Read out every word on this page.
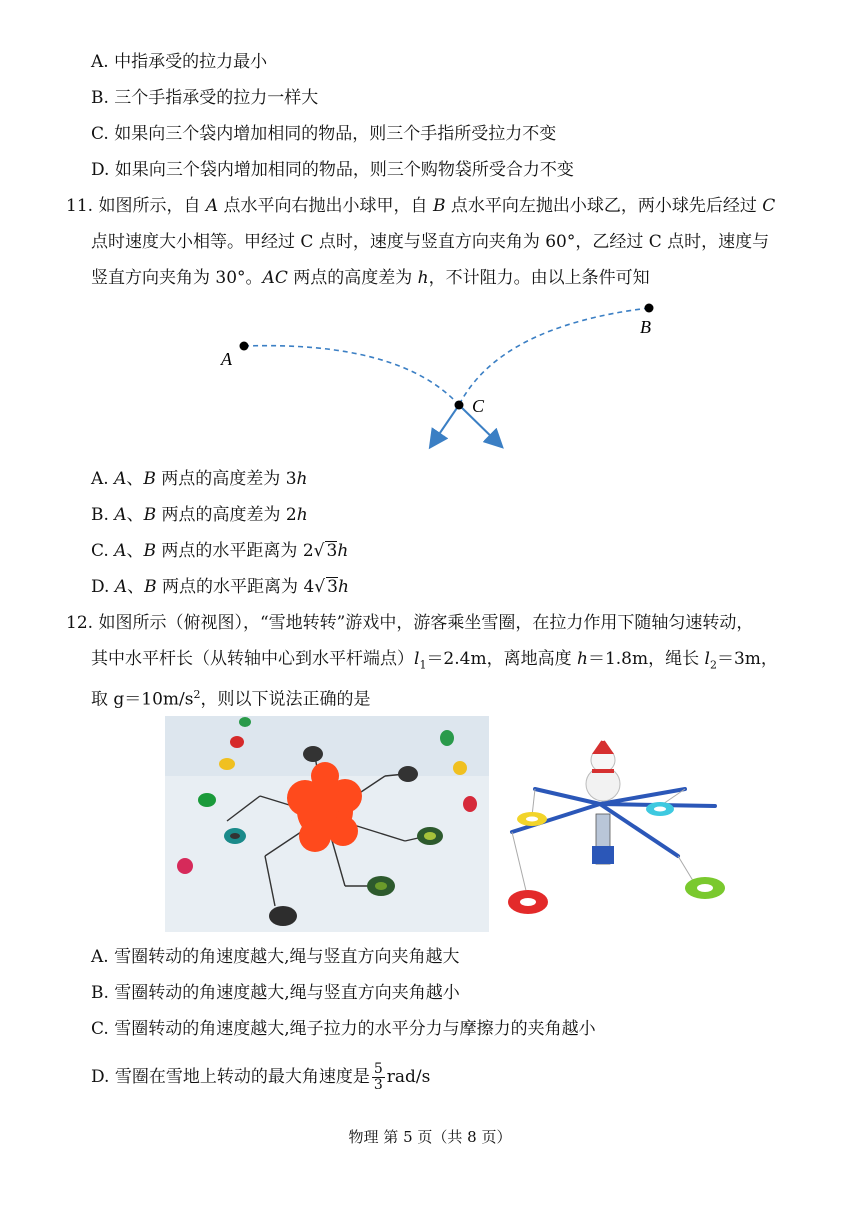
A. 中指承受的拉力最小
B. 三个手指承受的拉力一样大
C. 如果向三个袋内增加相同的物品，则三个手指所受拉力不变
D. 如果向三个袋内增加相同的物品，则三个购物袋所受合力不变
11. 如图所示，自 A 点水平向右抛出小球甲，自 B 点水平向左抛出小球乙，两小球先后经过 C
点时速度大小相等。甲经过 C 点时，速度与竖直方向夹角为 60°，乙经过 C 点时，速度与
竖直方向夹角为 30°。AC 两点的高度差为 h，不计阻力。由以上条件可知
A
B
C
A. A、B 两点的高度差为 3h
B. A、B 两点的高度差为 2h
C. A、B 两点的水平距离为 2√ 3h
D. A、B 两点的水平距离为 4√ 3h
12. 如图所示（俯视图），“雪地转转”游戏中，游客乘坐雪圈，在拉力作用下随轴匀速转动，
其中水平杆长（从转轴中心到水平杆端点）$l_1=2.4m$，离地高度 h＝1.8m，绳长 $l_2=3m$，
取 $g=10m/s^2$，则以下说法正确的是
A. 雪圈转动的角速度越大,绳与竖直方向夹角越大
B. 雪圈转动的角速度越大,绳与竖直方向夹角越小
C. 雪圈转动的角速度越大,绳子拉力的水平分力与摩擦力的夹角越小
D. 雪圈在雪地上转动的最大角速度是 $\frac{5}{3} rad/s$
物理 第 5 页（共 8 页）
